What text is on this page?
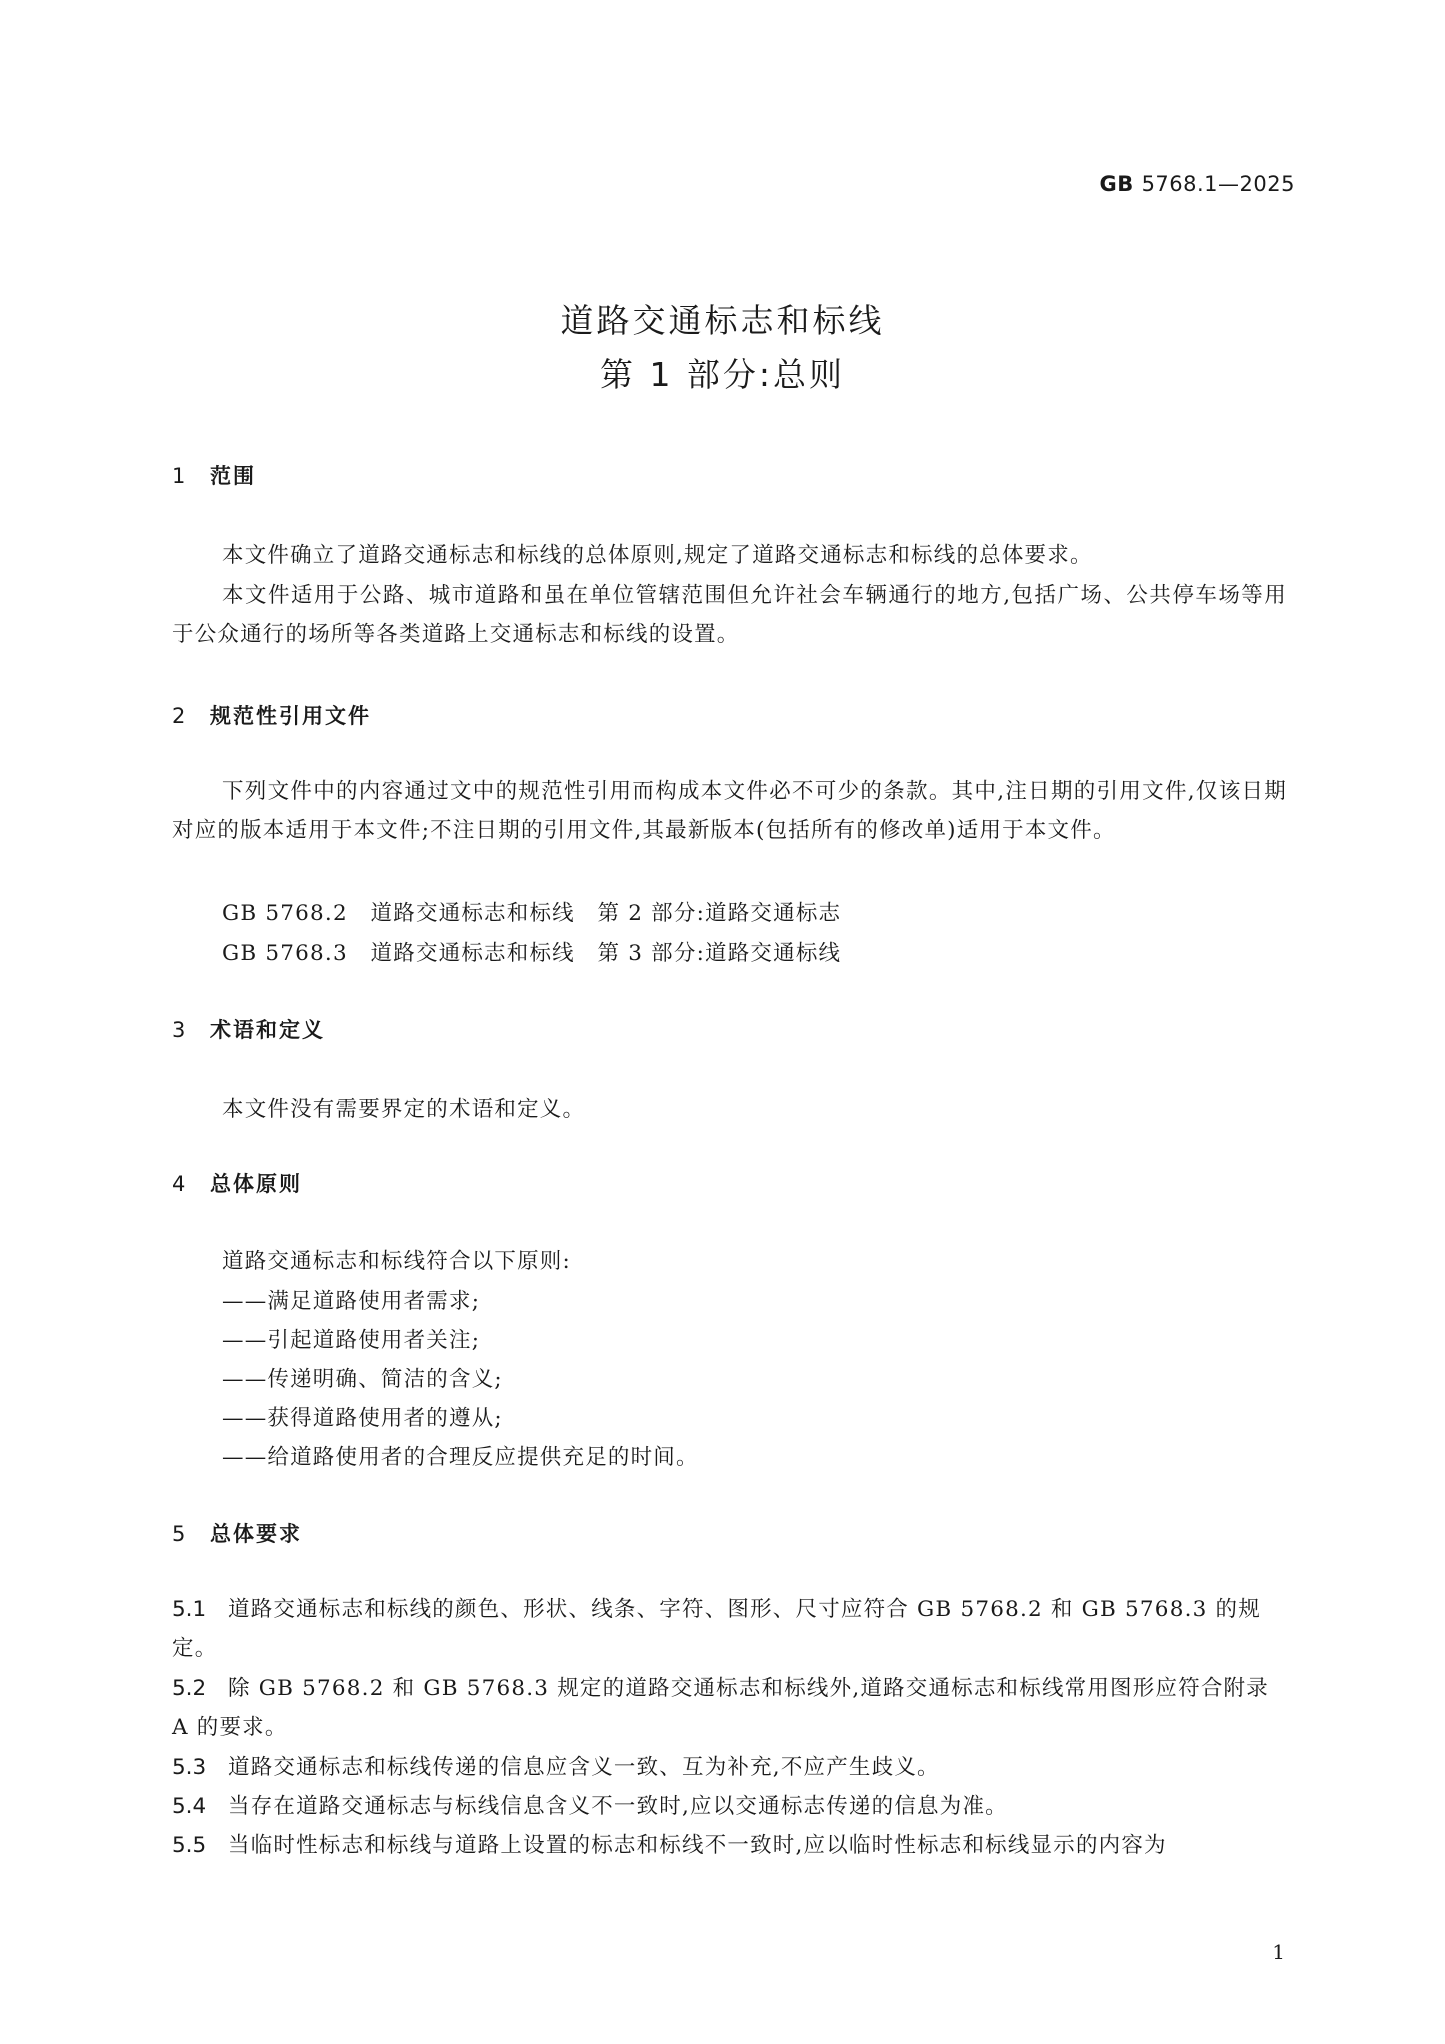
GB 5768.1—2025
道路交通标志和标线
第 1 部分:总则
1 范围
本文件确立了道路交通标志和标线的总体原则,规定了道路交通标志和标线的总体要求。
本文件适用于公路、城市道路和虽在单位管辖范围但允许社会车辆通行的地方,包括广场、公共停车场等用于公众通行的场所等各类道路上交通标志和标线的设置。
2 规范性引用文件
下列文件中的内容通过文中的规范性引用而构成本文件必不可少的条款。其中,注日期的引用文件,仅该日期对应的版本适用于本文件;不注日期的引用文件,其最新版本(包括所有的修改单)适用于本文件。
GB 5768.2　道路交通标志和标线　第 2 部分:道路交通标志
GB 5768.3　道路交通标志和标线　第 3 部分:道路交通标线
3 术语和定义
本文件没有需要界定的术语和定义。
4 总体原则
道路交通标志和标线符合以下原则:
——满足道路使用者需求;
——引起道路使用者关注;
——传递明确、简洁的含义;
——获得道路使用者的遵从;
——给道路使用者的合理反应提供充足的时间。
5 总体要求
5.1 道路交通标志和标线的颜色、形状、线条、字符、图形、尺寸应符合 GB 5768.2 和 GB 5768.3 的规定。
5.2 除 GB 5768.2 和 GB 5768.3 规定的道路交通标志和标线外,道路交通标志和标线常用图形应符合附录 A 的要求。
5.3 道路交通标志和标线传递的信息应含义一致、互为补充,不应产生歧义。
5.4 当存在道路交通标志与标线信息含义不一致时,应以交通标志传递的信息为准。
5.5 当临时性标志和标线与道路上设置的标志和标线不一致时,应以临时性标志和标线显示的内容为
1
